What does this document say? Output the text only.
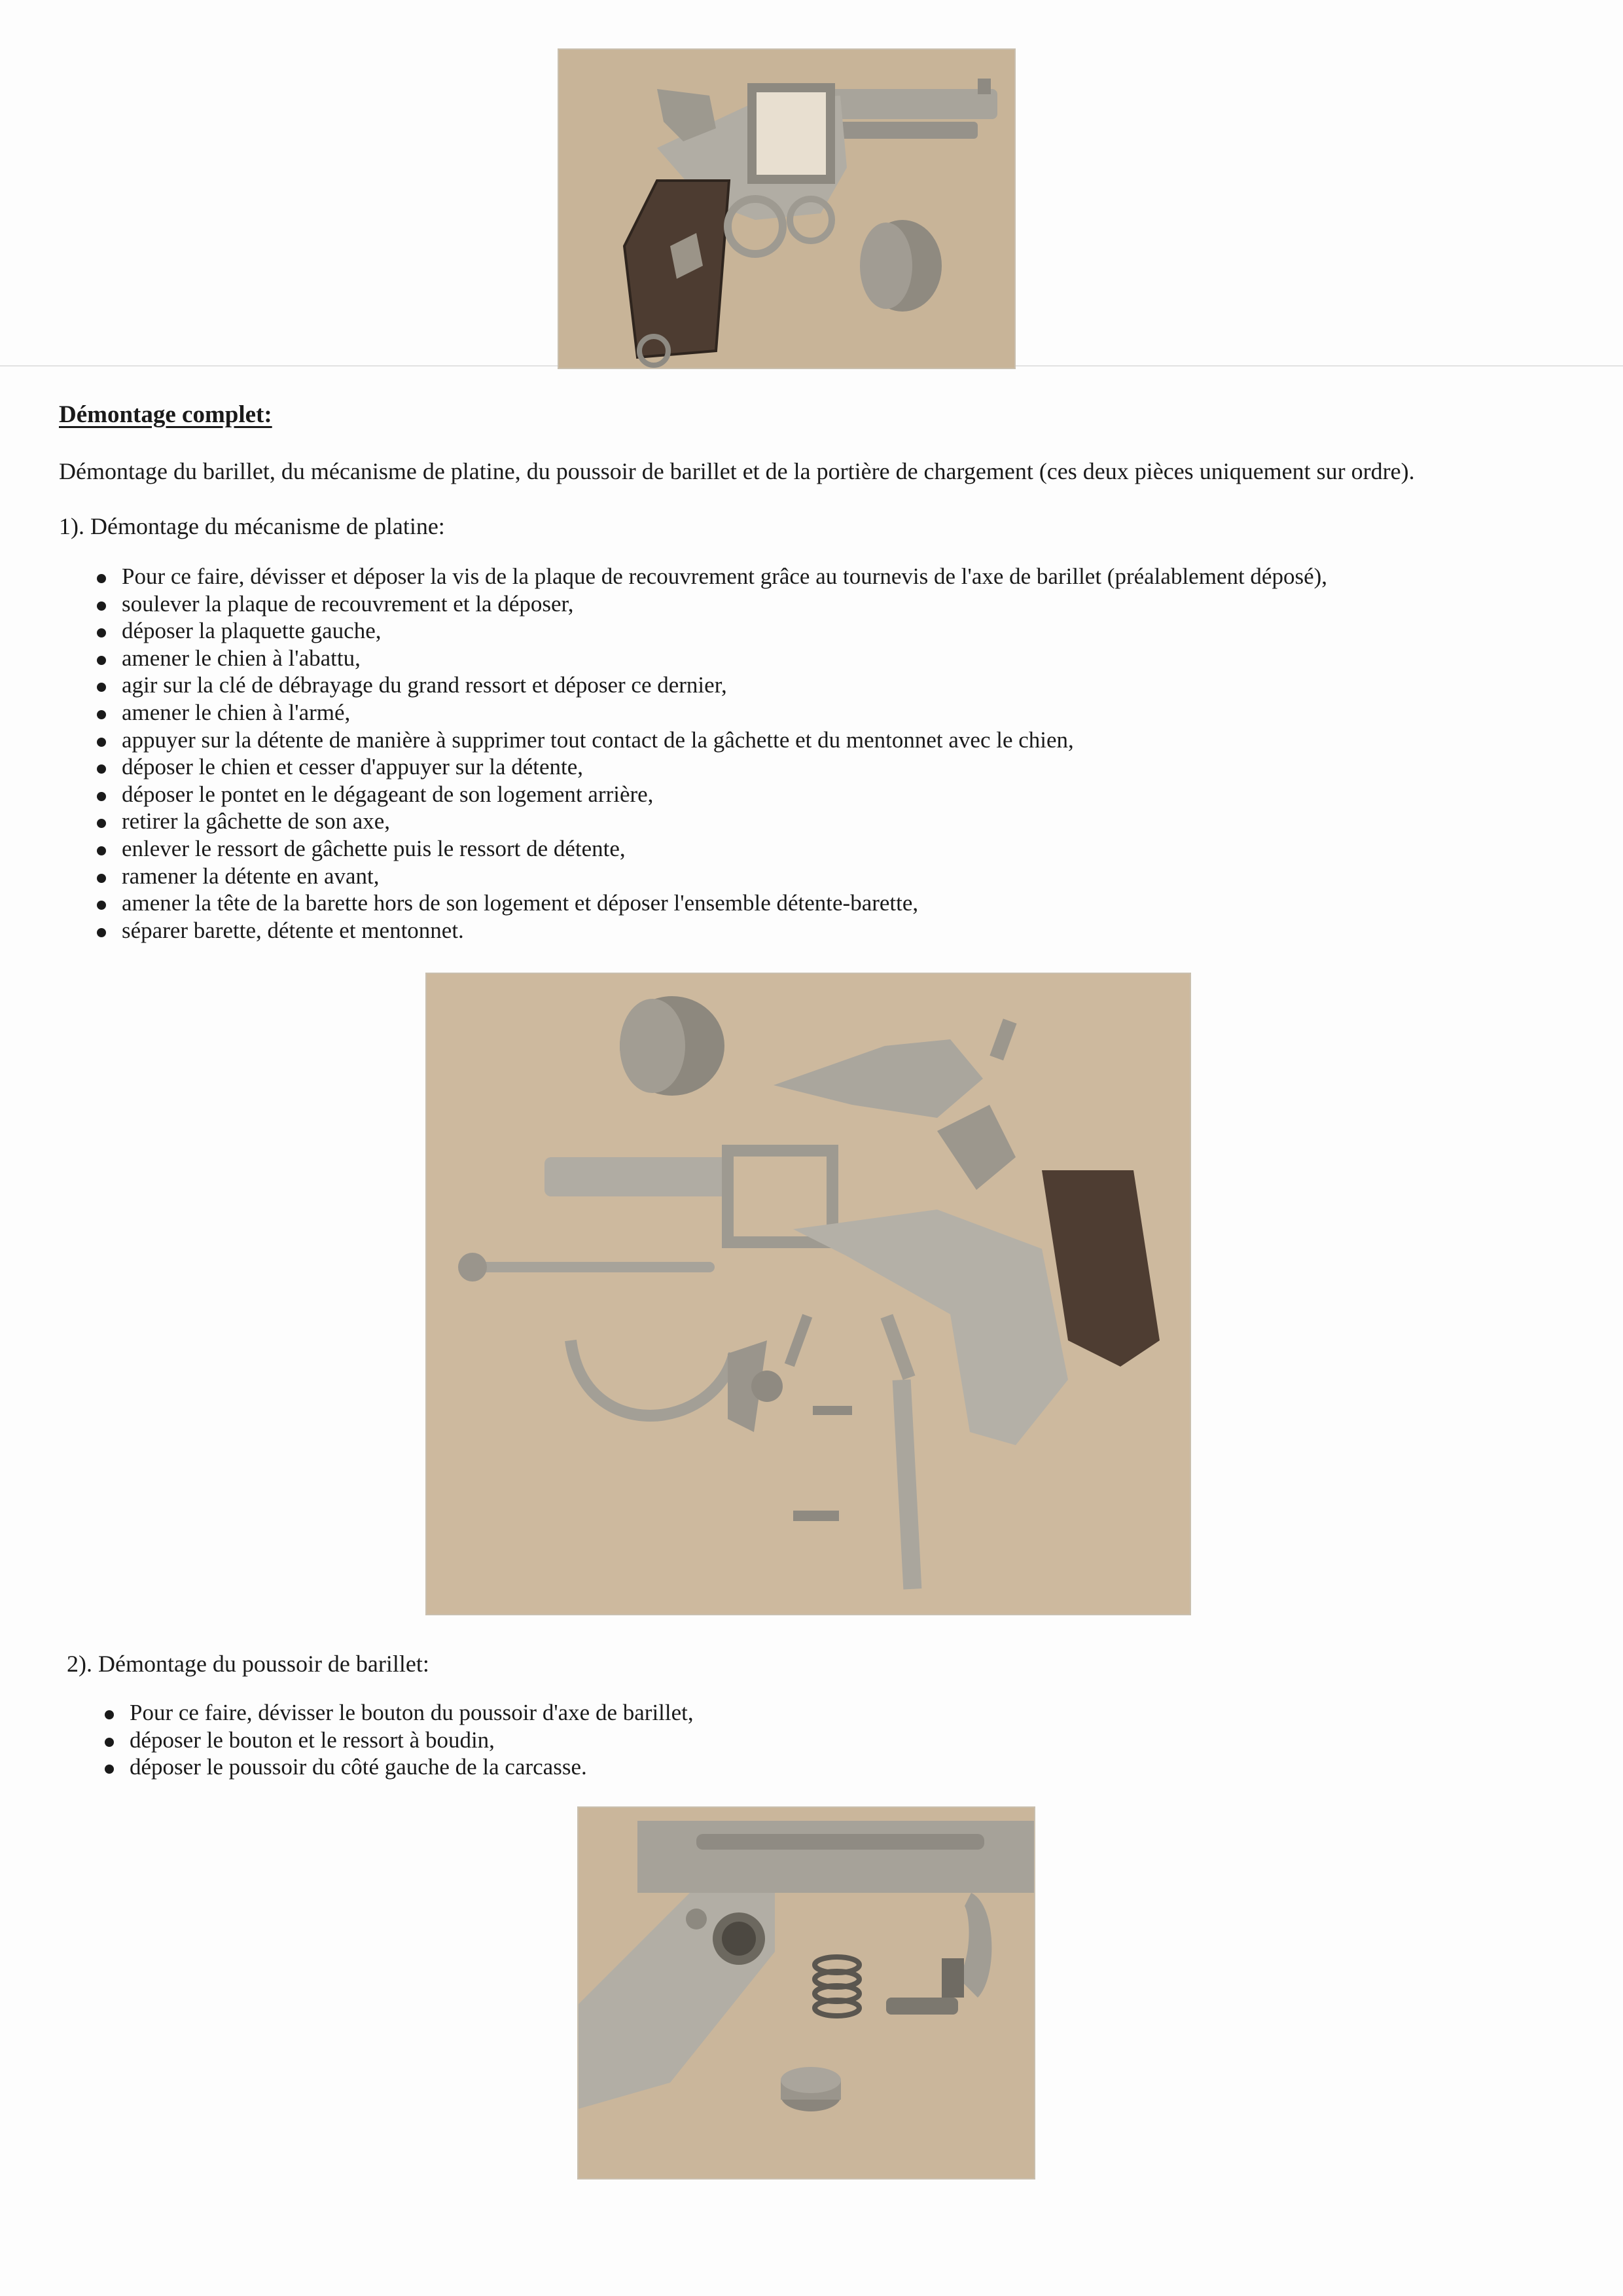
Démontage complet:
Démontage du barillet, du mécanisme de platine, du poussoir de barillet et de la portière de chargement (ces deux pièces uniquement sur ordre).
1). Démontage du mécanisme de platine:
Pour ce faire, dévisser et déposer la vis de la plaque de recouvrement grâce au tournevis de l'axe de barillet (préalablement déposé),
soulever la plaque de recouvrement et la déposer,
déposer la plaquette gauche,
amener le chien à l'abattu,
agir sur la clé de débrayage du grand ressort et déposer ce dernier,
amener le chien à l'armé,
appuyer sur la détente de manière à supprimer tout contact de la gâchette et du mentonnet avec le chien,
déposer le chien et cesser d'appuyer sur la détente,
déposer le pontet en le dégageant de son logement arrière,
retirer la gâchette de son axe,
enlever le ressort de gâchette puis le ressort de détente,
ramener la détente en avant,
amener la tête de la barette hors de son logement et déposer l'ensemble détente-barette,
séparer barette, détente et mentonnet.
2). Démontage du poussoir de barillet:
Pour ce faire, dévisser le bouton du poussoir d'axe de barillet,
déposer le bouton et le ressort à boudin,
déposer le poussoir du côté gauche de la carcasse.
